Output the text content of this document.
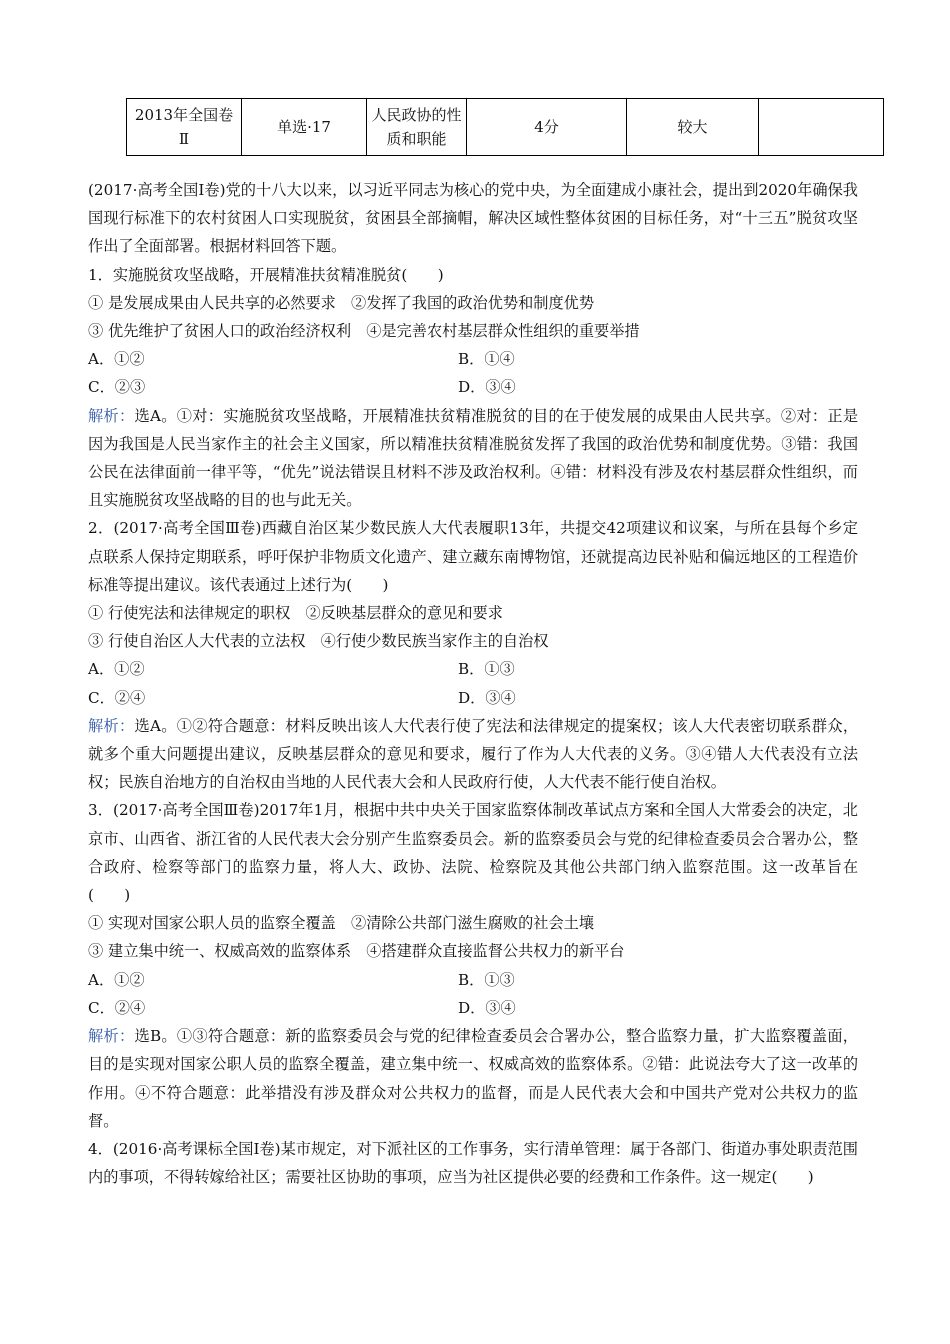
2013年全国卷Ⅱ	单选·17	人民政协的性质和职能	4分	较大	

(2017·高考全国Ⅰ卷)党的十八大以来，以习近平同志为核心的党中央，为全面建成小康社会，提出到2020年确保我国现行标准下的农村贫困人口实现脱贫，贫困县全部摘帽，解决区域性整体贫困的目标任务，对“十三五”脱贫攻坚作出了全面部署。根据材料回答下题。

1．实施脱贫攻坚战略，开展精准扶贫精准脱贫(　　)

① 是发展成果由人民共享的必然要求　②发挥了我国的政治优势和制度优势

③ 优先维护了贫困人口的政治经济权利　④是完善农村基层群众性组织的重要举措

A．①②	B．①④
C．②③	D．③④

解析：选A。①对：实施脱贫攻坚战略，开展精准扶贫精准脱贫的目的在于使发展的成果由人民共享。②对：正是因为我国是人民当家作主的社会主义国家，所以精准扶贫精准脱贫发挥了我国的政治优势和制度优势。③错：我国公民在法律面前一律平等，“优先”说法错误且材料不涉及政治权利。④错：材料没有涉及农村基层群众性组织，而且实施脱贫攻坚战略的目的也与此无关。

2．(2017·高考全国Ⅲ卷)西藏自治区某少数民族人大代表履职13年，共提交42项建议和议案，与所在县每个乡定点联系人保持定期联系，呼吁保护非物质文化遗产、建立藏东南博物馆，还就提高边民补贴和偏远地区的工程造价标准等提出建议。该代表通过上述行为(　　)

① 行使宪法和法律规定的职权　②反映基层群众的意见和要求

③ 行使自治区人大代表的立法权　④行使少数民族当家作主的自治权

A．①②	B．①③
C．②④	D．③④

解析：选A。①②符合题意：材料反映出该人大代表行使了宪法和法律规定的提案权；该人大代表密切联系群众，就多个重大问题提出建议，反映基层群众的意见和要求，履行了作为人大代表的义务。③④错人大代表没有立法权；民族自治地方的自治权由当地的人民代表大会和人民政府行使，人大代表不能行使自治权。

3．(2017·高考全国Ⅲ卷)2017年1月，根据中共中央关于国家监察体制改革试点方案和全国人大常委会的决定，北京市、山西省、浙江省的人民代表大会分别产生监察委员会。新的监察委员会与党的纪律检查委员会合署办公，整合政府、检察等部门的监察力量，将人大、政协、法院、检察院及其他公共部门纳入监察范围。这一改革旨在(　　)

① 实现对国家公职人员的监察全覆盖　②清除公共部门滋生腐败的社会土壤

③ 建立集中统一、权威高效的监察体系　④搭建群众直接监督公共权力的新平台

A．①②	B．①③
C．②④	D．③④

解析：选B。①③符合题意：新的监察委员会与党的纪律检查委员会合署办公，整合监察力量，扩大监察覆盖面，目的是实现对国家公职人员的监察全覆盖，建立集中统一、权威高效的监察体系。②错：此说法夸大了这一改革的作用。④不符合题意：此举措没有涉及群众对公共权力的监督，而是人民代表大会和中国共产党对公共权力的监督。

4．(2016·高考课标全国Ⅰ卷)某市规定，对下派社区的工作事务，实行清单管理：属于各部门、街道办事处职责范围内的事项，不得转嫁给社区；需要社区协助的事项，应当为社区提供必要的经费和工作条件。这一规定(　　)
